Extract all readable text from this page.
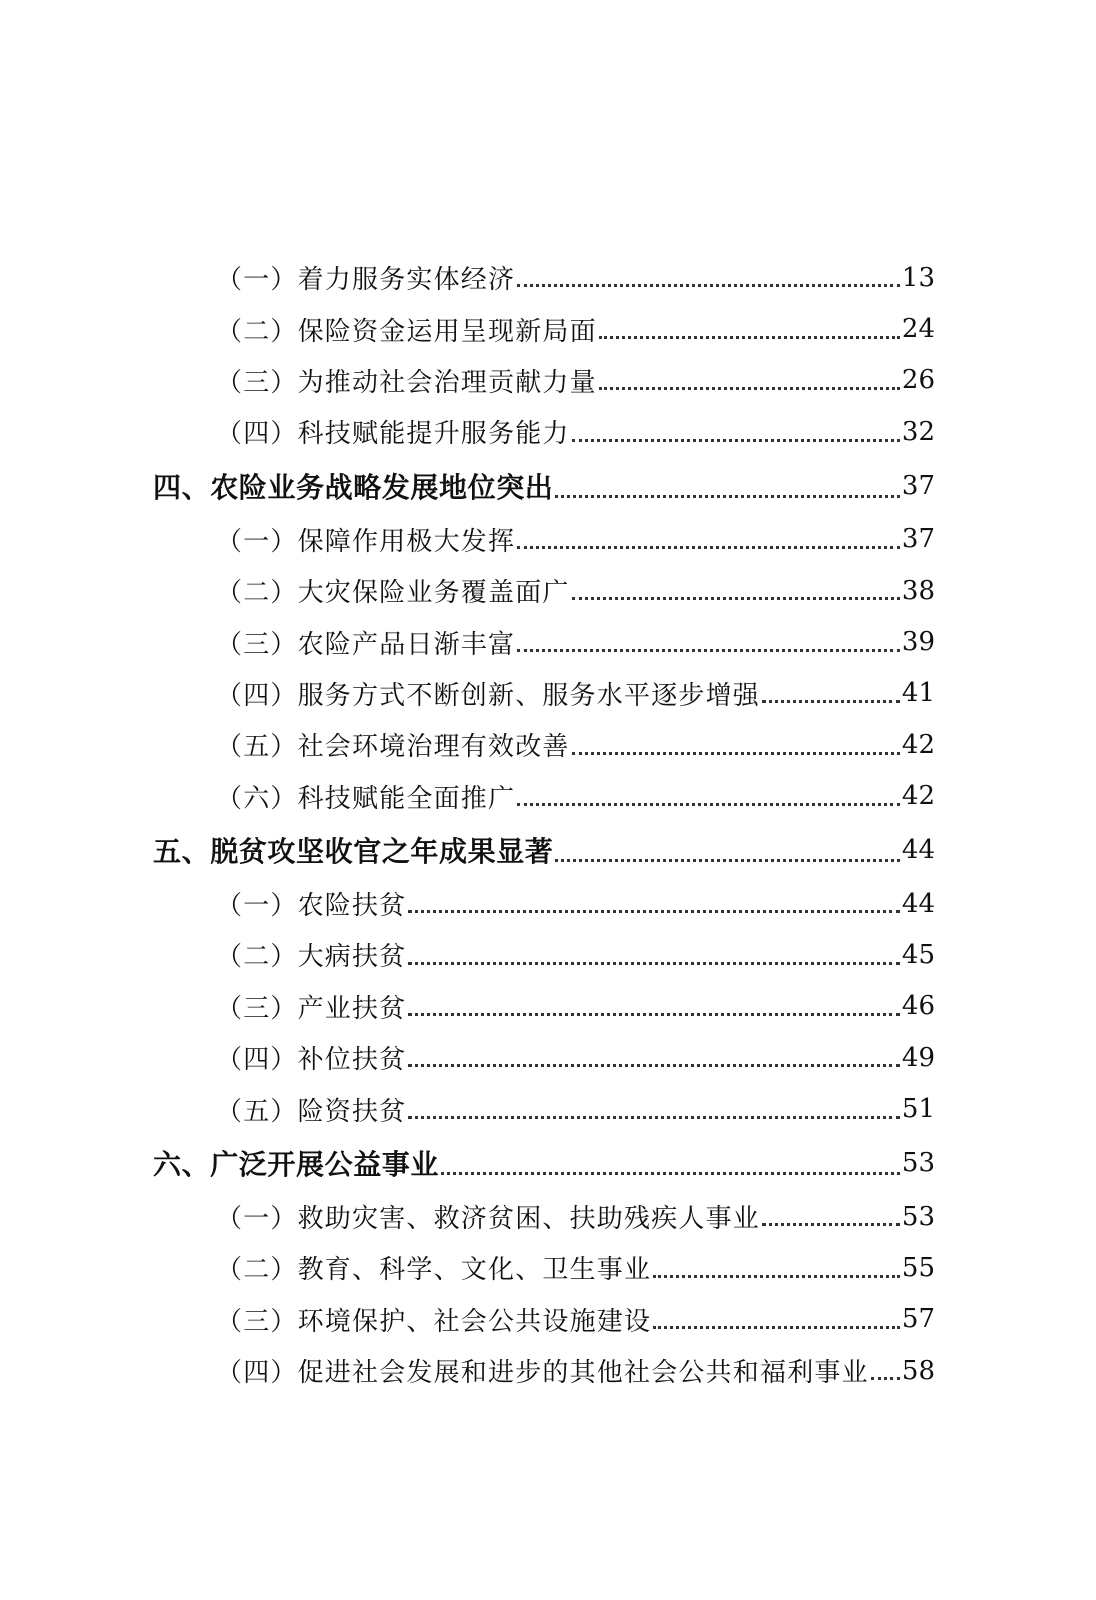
（一）着力服务实体经济	13
（二）保险资金运用呈现新局面	24
（三）为推动社会治理贡献力量	26
（四）科技赋能提升服务能力	32
四、农险业务战略发展地位突出	37
（一）保障作用极大发挥	37
（二）大灾保险业务覆盖面广	38
（三）农险产品日渐丰富	39
（四）服务方式不断创新、服务水平逐步增强	41
（五）社会环境治理有效改善	42
（六）科技赋能全面推广	42
五、脱贫攻坚收官之年成果显著	44
（一）农险扶贫	44
（二）大病扶贫	45
（三）产业扶贫	46
（四）补位扶贫	49
（五）险资扶贫	51
六、广泛开展公益事业	53
（一）救助灾害、救济贫困、扶助残疾人事业	53
（二）教育、科学、文化、卫生事业	55
（三）环境保护、社会公共设施建设	57
（四）促进社会发展和进步的其他社会公共和福利事业 58
